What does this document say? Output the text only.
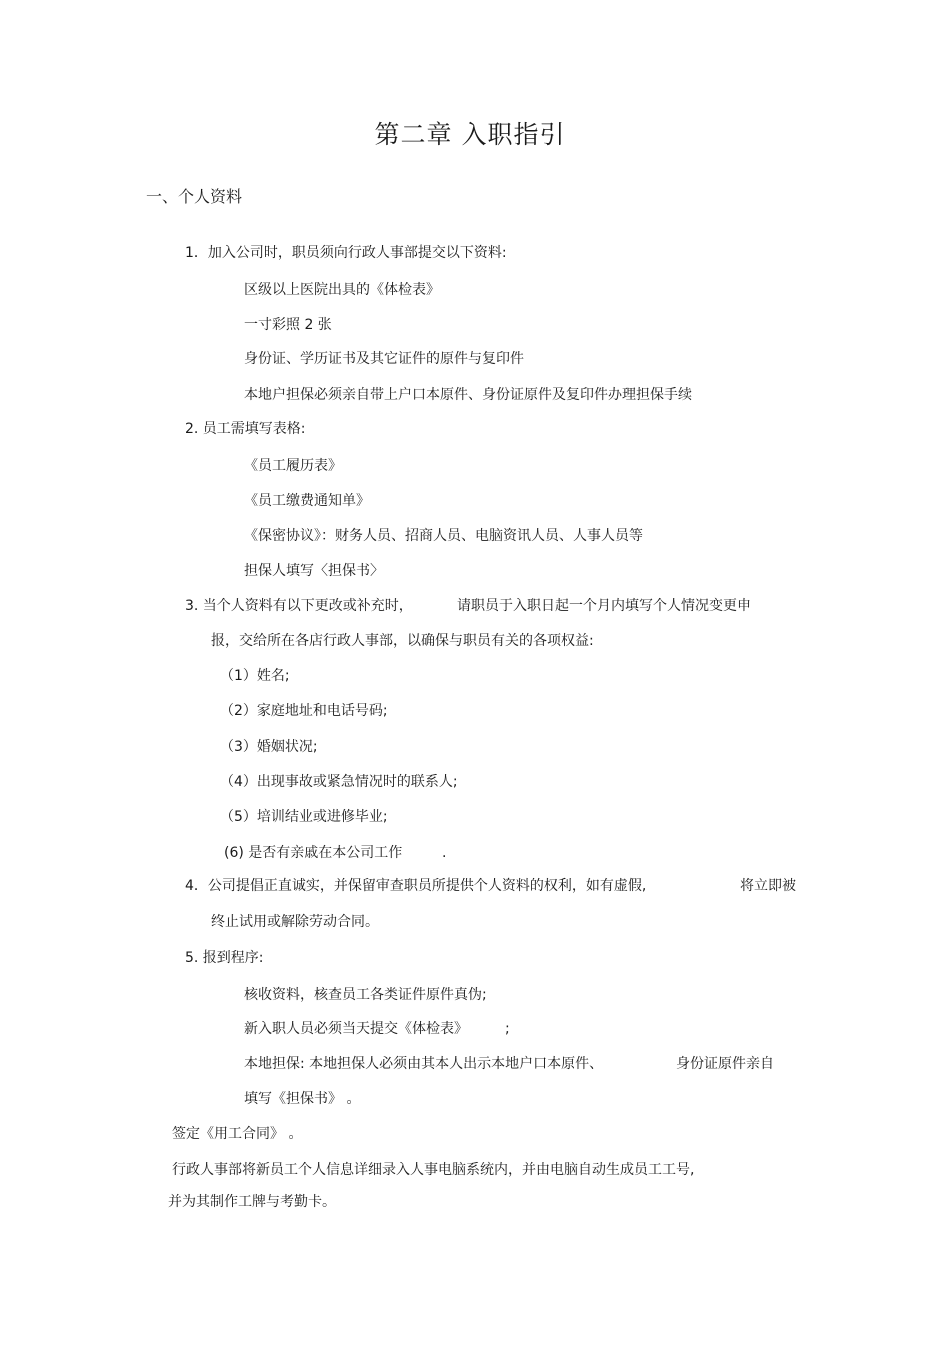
第二章 入职指引
一、个人资料
1．加入公司时，职员须向行政人事部提交以下资料:
区级以上医院出具的《体检表》
一寸彩照 2 张
身份证、学历证书及其它证件的原件与复印件
本地户担保必须亲自带上户口本原件、身份证原件及复印件办理担保手续
2. 员工需填写表格:
《员工履历表》
《员工缴费通知单》
《保密协议》：财务人员、招商人员、电脑资讯人员、人事人员等
担保人填写〈担保书〉
3. 当个人资料有以下更改或补充时，	请职员于入职日起一个月内填写个人情况变更申
报，交给所在各店行政人事部，以确保与职员有关的各项权益:
（1）姓名;
（2）家庭地址和电话号码;
（3）婚姻状况;
（4）出现事故或紧急情况时的联系人;
（5）培训结业或进修毕业;
(6) 是否有亲戚在本公司工作	.
4．公司提倡正直诚实，并保留审查职员所提供个人资料的权利，如有虚假,	将立即被
终止试用或解除劳动合同。
5. 报到程序:
核收资料，核查员工各类证件原件真伪;
新入职人员必须当天提交《体检表》	;
本地担保: 本地担保人必须由其本人出示本地户口本原件、	身份证原件亲自
填写《担保书》 。
签定《用工合同》 。
行政人事部将新员工个人信息详细录入人事电脑系统内，并由电脑自动生成员工工号,
并为其制作工牌与考勤卡。
